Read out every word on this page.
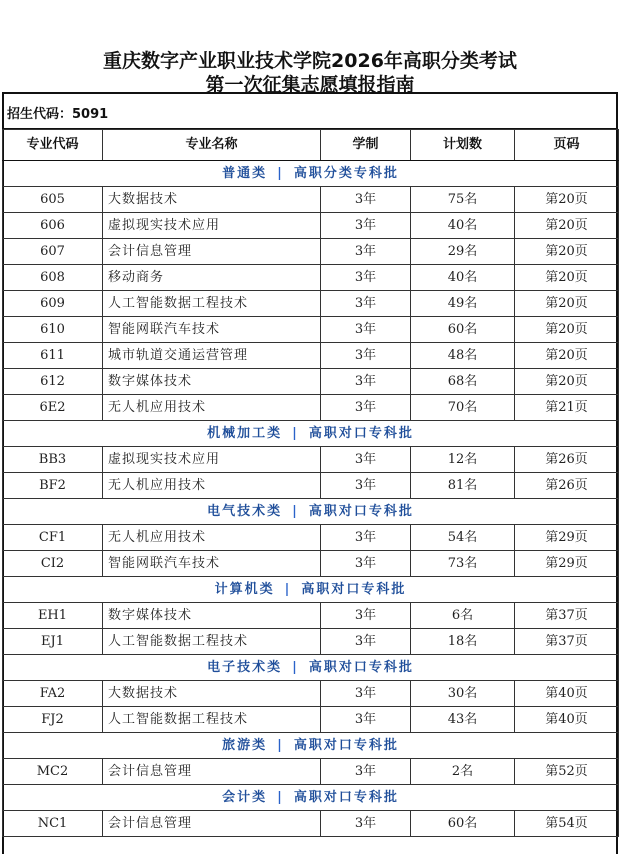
重庆数字产业职业技术学院2026年高职分类考试
第一次征集志愿填报指南
招生代码：5091
专业代码	专业名称	学制	计划数	页码
普通类 | 高职分类专科批				
605	大数据技术	3年	75名	第20页
606	虚拟现实技术应用	3年	40名	第20页
607	会计信息管理	3年	29名	第20页
608	移动商务	3年	40名	第20页
609	人工智能数据工程技术	3年	49名	第20页
610	智能网联汽车技术	3年	60名	第20页
611	城市轨道交通运营管理	3年	48名	第20页
612	数字媒体技术	3年	68名	第20页
6E2	无人机应用技术	3年	70名	第21页
机械加工类 | 高职对口专科批				
BB3	虚拟现实技术应用	3年	12名	第26页
BF2	无人机应用技术	3年	81名	第26页
电气技术类 | 高职对口专科批				
CF1	无人机应用技术	3年	54名	第29页
CI2	智能网联汽车技术	3年	73名	第29页
计算机类 | 高职对口专科批				
EH1	数字媒体技术	3年	6名	第37页
EJ1	人工智能数据工程技术	3年	18名	第37页
电子技术类 | 高职对口专科批				
FA2	大数据技术	3年	30名	第40页
FJ2	人工智能数据工程技术	3年	43名	第40页
旅游类 | 高职对口专科批				
MC2	会计信息管理	3年	2名	第52页
会计类 | 高职对口专科批				
NC1	会计信息管理	3年	60名	第54页
